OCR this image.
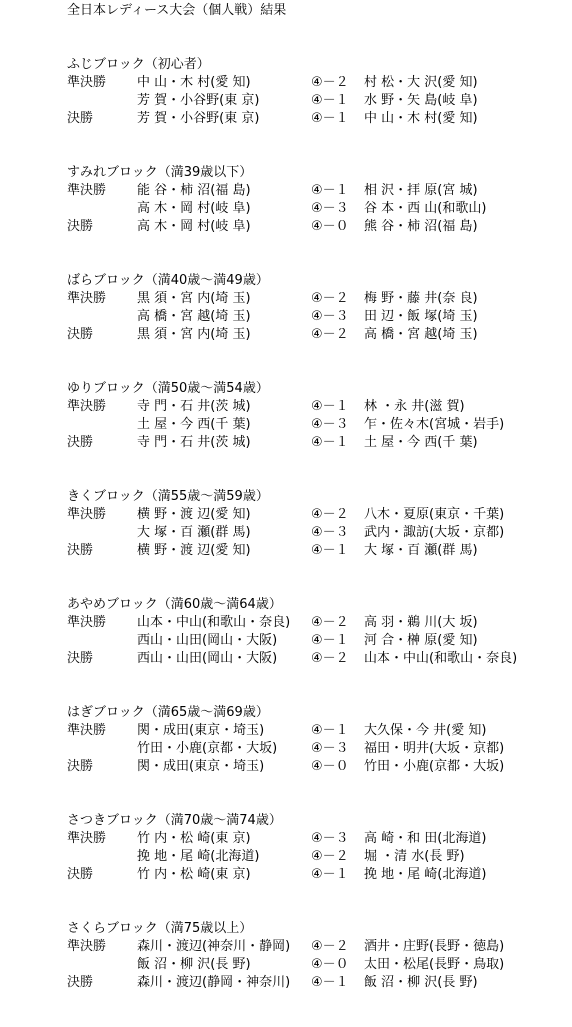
全日本レディース大会（個人戦）結果
ふじブロック（初心者）
準決勝 中 山・木 村(愛 知)	④－２ 村 松・大 沢(愛 知)
芳 賀・小谷野(東 京)	④－１ 水 野・矢 島(岐 阜)
決勝	芳 賀・小谷野(東 京)	④－１ 中 山・木 村(愛 知)
すみれブロック（満39歳以下）
準決勝 能 谷・柿 沼(福 島)	④－１ 相 沢・拝 原(宮 城)
高 木・岡 村(岐 阜)	④－３ 谷 本・西 山(和歌山)
決勝	高 木・岡 村(岐 阜)	④－０ 熊 谷・柿 沼(福 島)
ばらブロック（満40歳～満49歳）
準決勝 黒 須・宮 内(埼 玉)	④－２ 梅 野・藤 井(奈 良)
高 橋・宮 越(埼 玉)	④－３ 田 辺・飯 塚(埼 玉)
決勝	黒 須・宮 内(埼 玉)	④－２ 高 橋・宮 越(埼 玉)
ゆりブロック（満50歳～満54歳）
準決勝 寺 門・石 井(茨 城)	④－１ 林 ・永 井(滋 賀)
土 屋・今 西(千 葉)	④－３ 乍・佐々木(宮城・岩手)
決勝	寺 門・石 井(茨 城)	④－１ 土 屋・今 西(千 葉)
きくブロック（満55歳～満59歳）
準決勝 横 野・渡 辺(愛 知)	④－２ 八木・夏原(東京・千葉)
大 塚・百 瀬(群 馬)	④－３ 武内・諏訪(大坂・京都)
決勝	横 野・渡 辺(愛 知)	④－１ 大 塚・百 瀬(群 馬)
あやめブロック（満60歳～満64歳）
準決勝 山本・中山(和歌山・奈良) ④－２ 高 羽・鵜 川(大 坂)
西山・山田(岡山・大阪)	④－１ 河 合・榊 原(愛 知)
決勝	西山・山田(岡山・大阪)	④－２ 山本・中山(和歌山・奈良)
はぎブロック（満65歳～満69歳）
準決勝 関・成田(東京・埼玉)	④－１ 大久保・今 井(愛 知)
竹田・小鹿(京都・大坂)	④－３ 福田・明井(大坂・京都)
決勝	関・成田(東京・埼玉)	④－０ 竹田・小鹿(京都・大坂)
さつきブロック（満70歳～満74歳）
準決勝 竹 内・松 崎(東 京)	④－３ 高 崎・和 田(北海道)
挽 地・尾 崎(北海道)	④－２ 堀 ・清 水(長 野)
決勝	竹 内・松 崎(東 京)	④－１ 挽 地・尾 崎(北海道)
さくらブロック（満75歳以上）
準決勝 森川・渡辺(神奈川・静岡) ④－２ 酒井・庄野(長野・徳島)
飯 沼・柳 沢(長 野)	④－０ 太田・松尾(長野・鳥取)
決勝	森川・渡辺(静岡・神奈川) ④－１ 飯 沼・柳 沢(長 野)
